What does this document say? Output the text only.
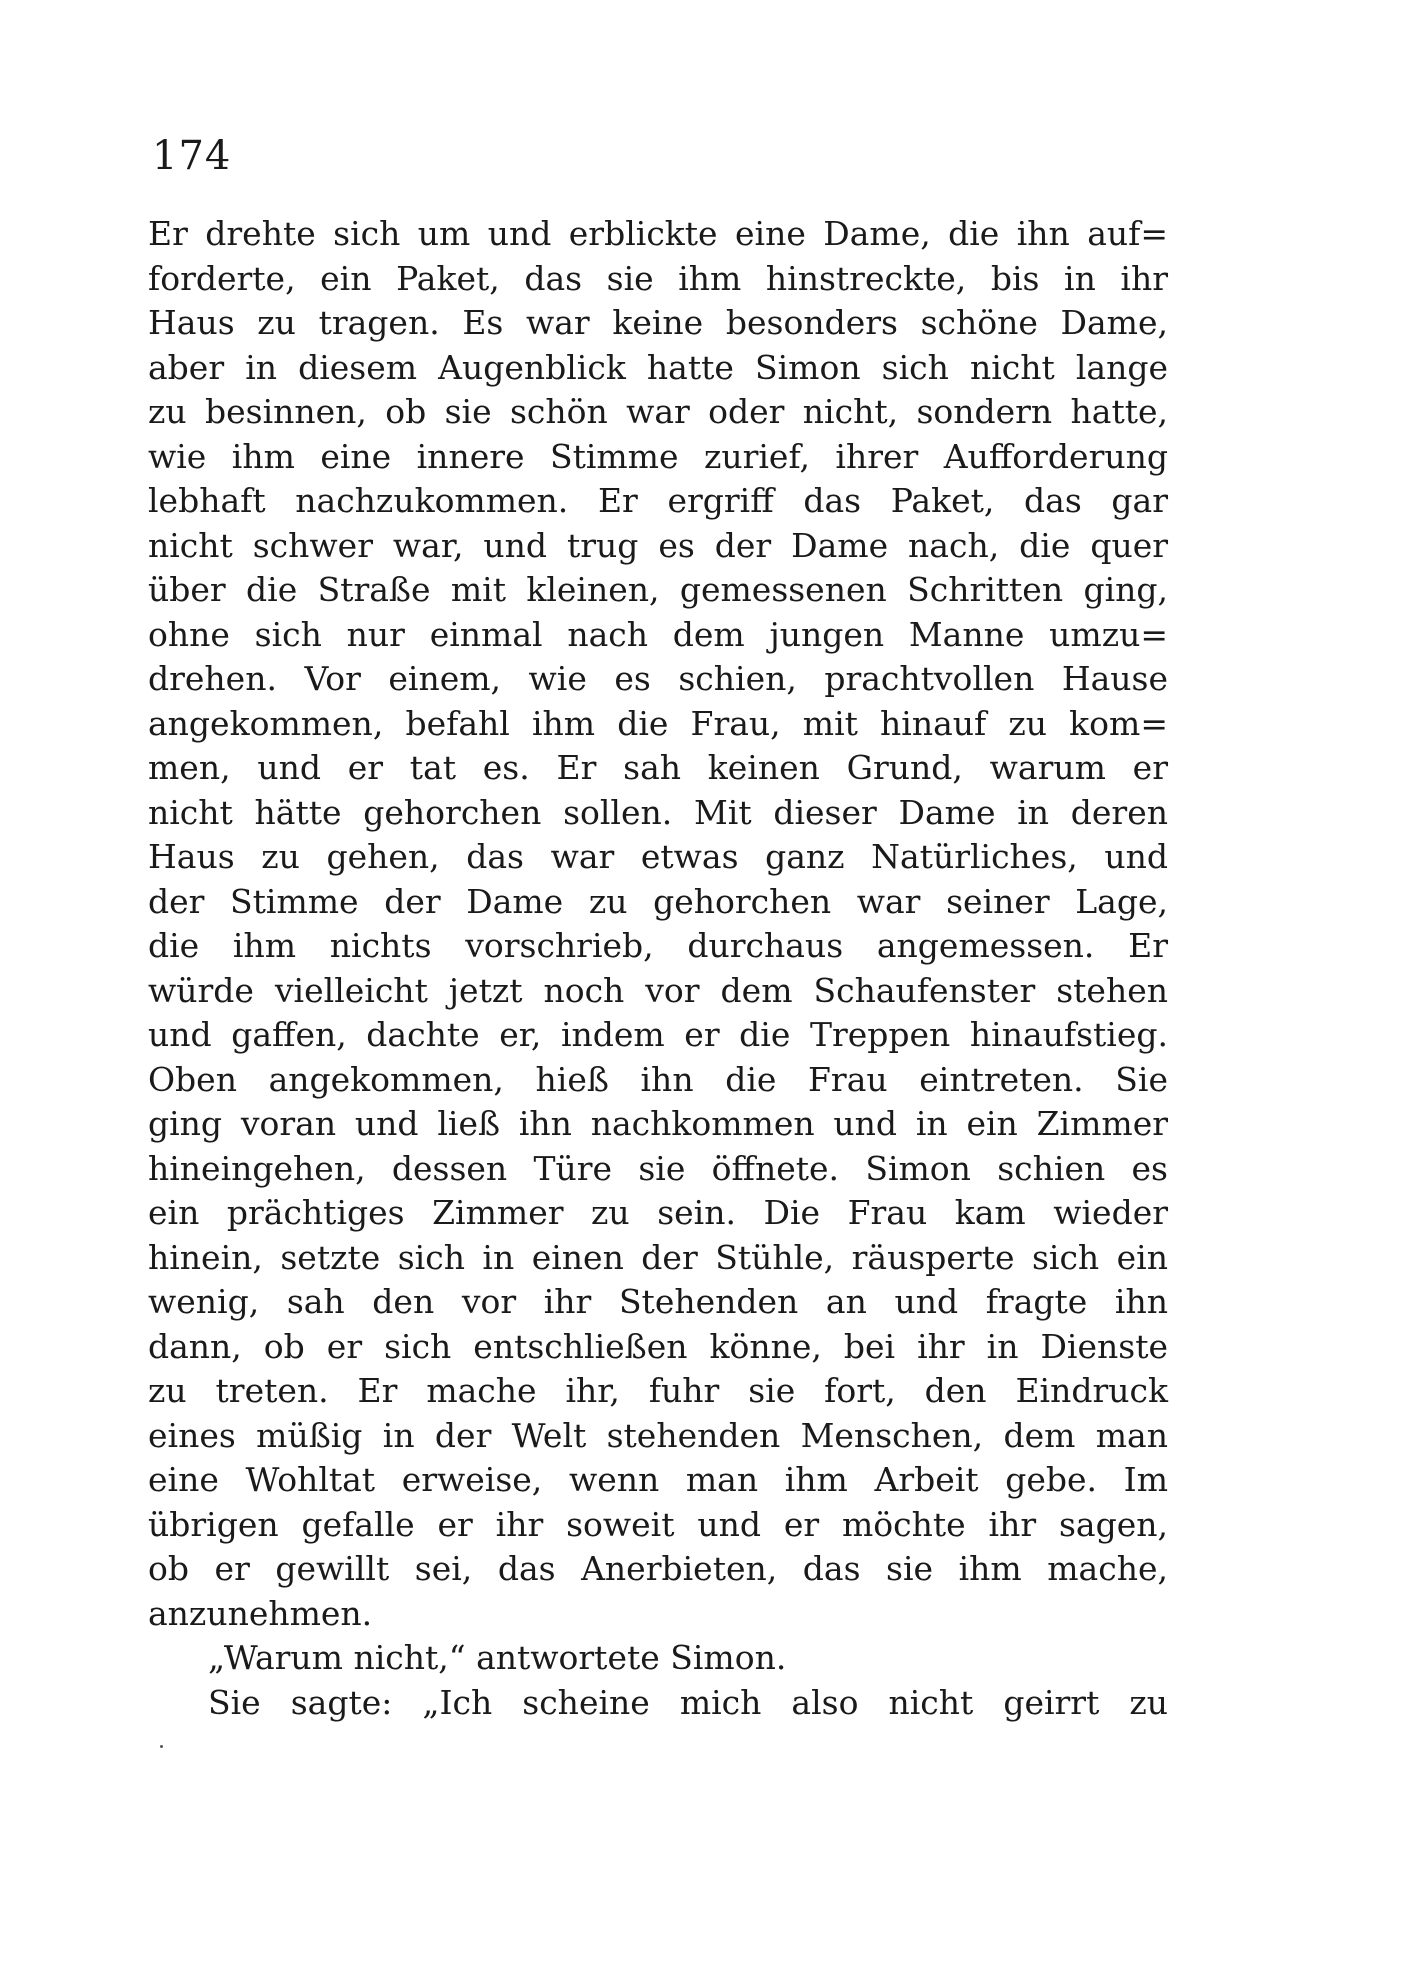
174
Er drehte sich um und erblickte eine Dame, die ihn auf=
forderte, ein Paket, das sie ihm hinstreckte, bis in ihr
Haus zu tragen. Es war keine besonders schöne Dame,
aber in diesem Augenblick hatte Simon sich nicht lange
zu besinnen, ob sie schön war oder nicht, sondern hatte,
wie ihm eine innere Stimme zurief, ihrer Aufforderung
lebhaft nachzukommen. Er ergriff das Paket, das gar
nicht schwer war, und trug es der Dame nach, die quer
über die Straße mit kleinen, gemessenen Schritten ging,
ohne sich nur einmal nach dem jungen Manne umzu=
drehen. Vor einem, wie es schien, prachtvollen Hause
angekommen, befahl ihm die Frau, mit hinauf zu kom=
men, und er tat es. Er sah keinen Grund, warum er
nicht hätte gehorchen sollen. Mit dieser Dame in deren
Haus zu gehen, das war etwas ganz Natürliches, und
der Stimme der Dame zu gehorchen war seiner Lage,
die ihm nichts vorschrieb, durchaus angemessen. Er
würde vielleicht jetzt noch vor dem Schaufenster stehen
und gaffen, dachte er, indem er die Treppen hinaufstieg.
Oben angekommen, hieß ihn die Frau eintreten. Sie
ging voran und ließ ihn nachkommen und in ein Zimmer
hineingehen, dessen Türe sie öffnete. Simon schien es
ein prächtiges Zimmer zu sein. Die Frau kam wieder
hinein, setzte sich in einen der Stühle, räusperte sich ein
wenig, sah den vor ihr Stehenden an und fragte ihn
dann, ob er sich entschließen könne, bei ihr in Dienste
zu treten. Er mache ihr, fuhr sie fort, den Eindruck
eines müßig in der Welt stehenden Menschen, dem man
eine Wohltat erweise, wenn man ihm Arbeit gebe. Im
übrigen gefalle er ihr soweit und er möchte ihr sagen,
ob er gewillt sei, das Anerbieten, das sie ihm mache,
anzunehmen.
„Warum nicht,“ antwortete Simon.
Sie sagte: „Ich scheine mich also nicht geirrt zu
